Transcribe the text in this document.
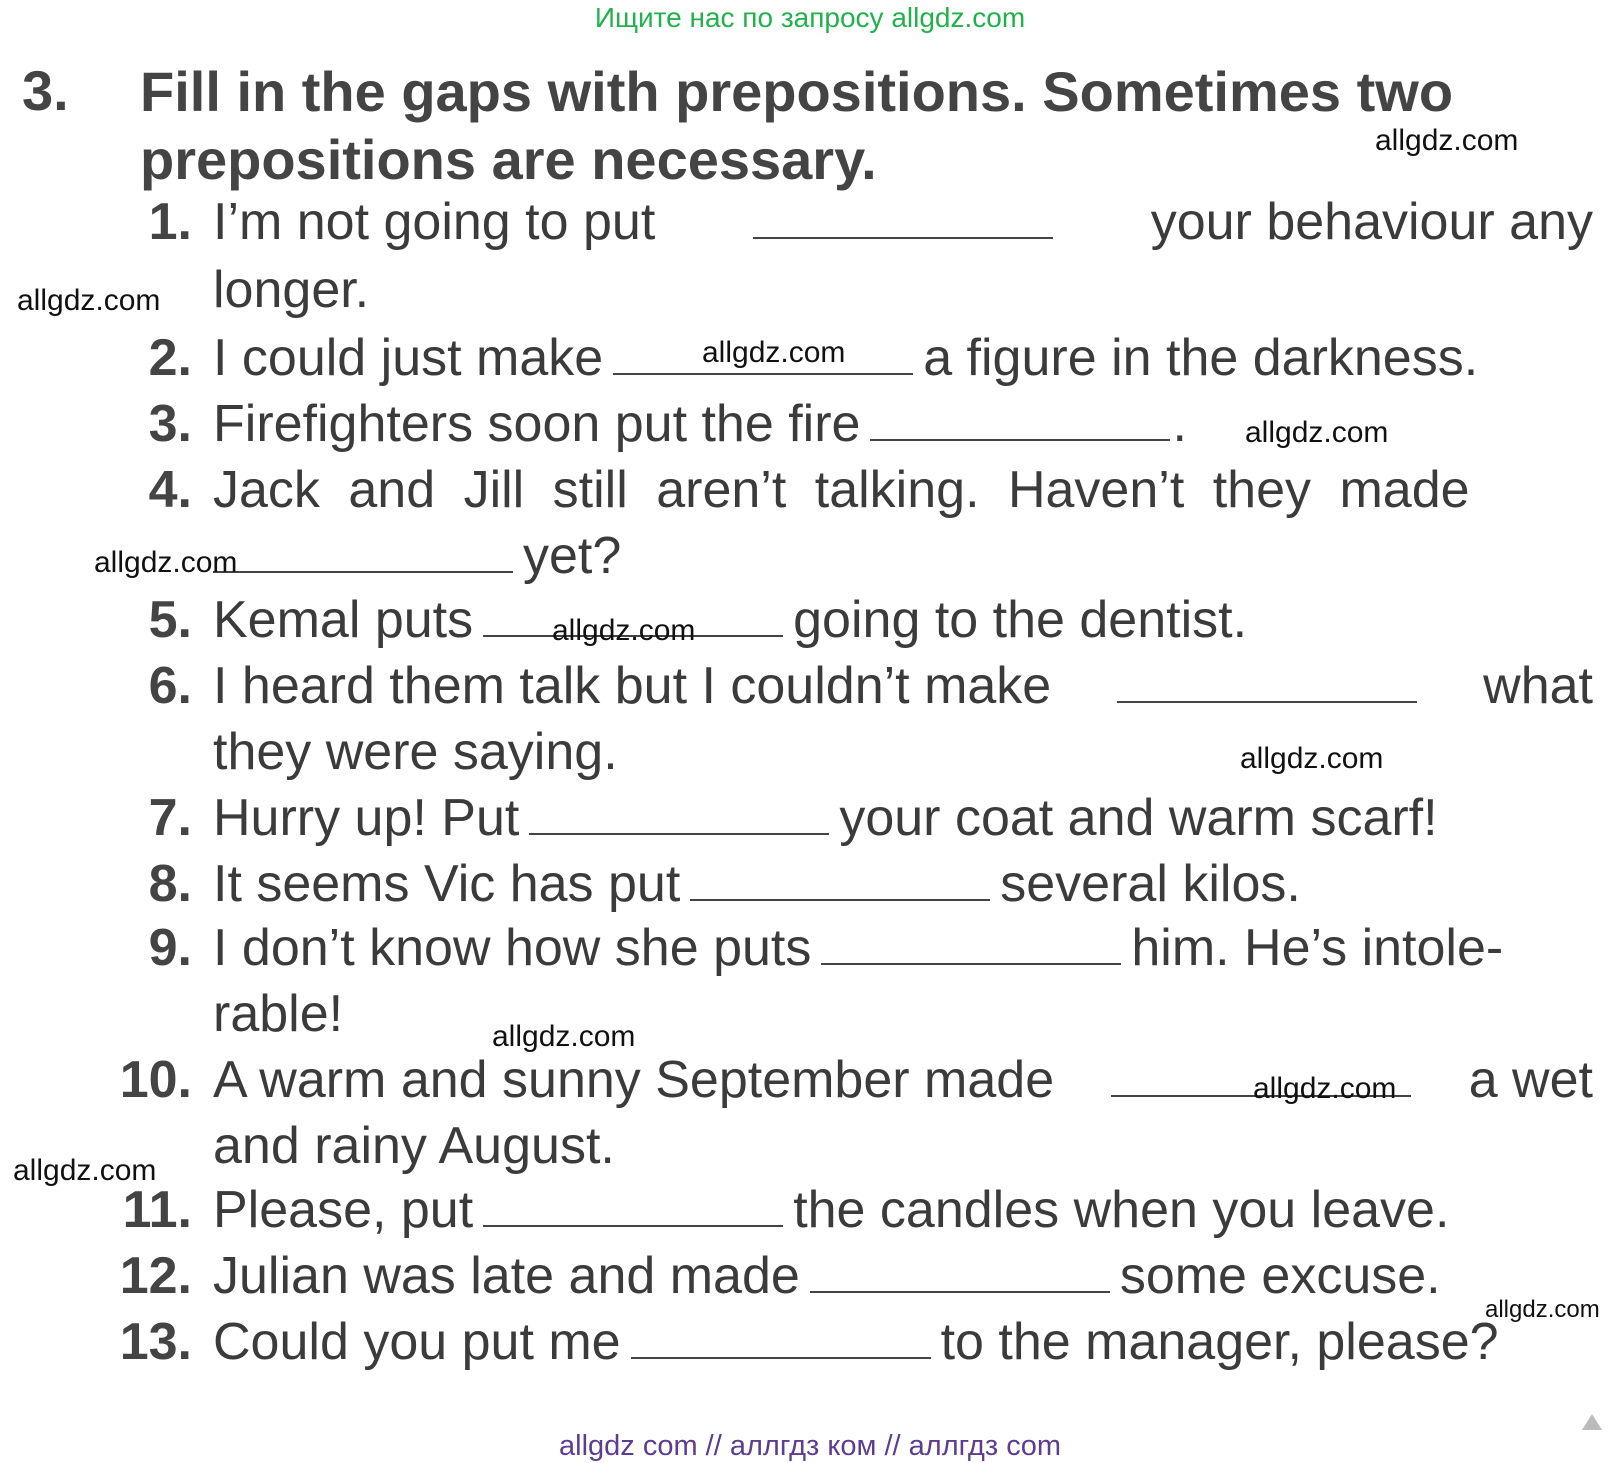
Ищите нас по запросу allgdz.com
3. Fill in the gaps with prepositions. Sometimes two prepositions are necessary.
1. I’m not going to put	your behaviour any
longer.
2. I could just make	a figure in the darkness.
3. Firefighters soon put the fire	.
4. Jack and Jill still aren’t talking. Haven’t they made
yet?
5. Kemal puts	going to the dentist.
6. I heard them talk but I couldn’t make	what
they were saying.
7. Hurry up! Put	your coat and warm scarf!
8. It seems Vic has put	several kilos.
9. I don’t know how she puts	him. He’s intole-
rable!
10. A warm and sunny September made	a wet
and rainy August.
11. Please, put	the candles when you leave.
12. Julian was late and made	some excuse.
13. Could you put me	to the manager, please?
allgdz.com
allgdz.com
allgdz.com
allgdz.com
allgdz.com
allgdz.com
allgdz.com
allgdz.com
allgdz.com
allgdz.com
allgdz.com
allgdz com // аллгдз ком // аллгдз com
